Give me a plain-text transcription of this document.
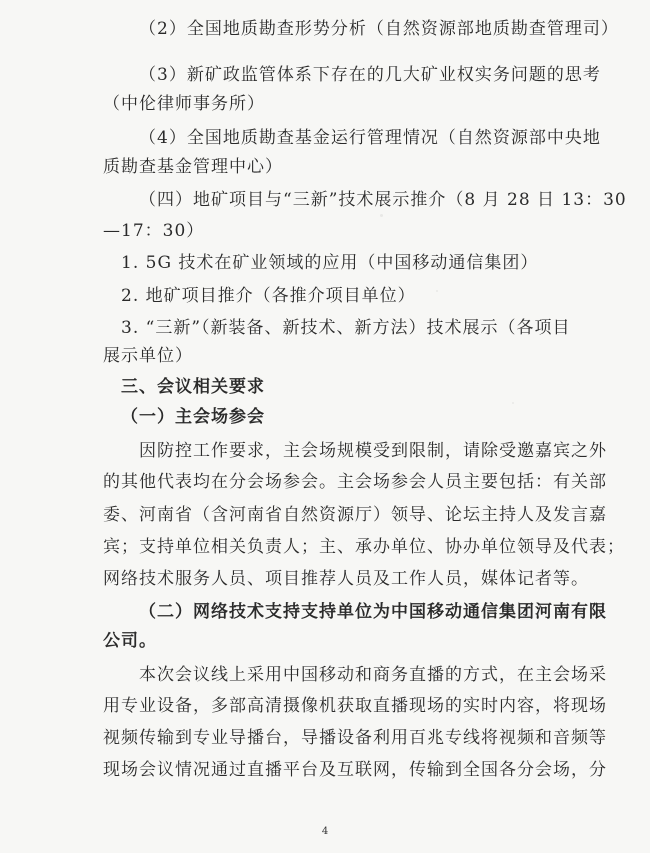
（2）全国地质勘查形势分析（自然资源部地质勘查管理司）
（3）新矿政监管体系下存在的几大矿业权实务问题的思考
（中伦律师事务所）
（4）全国地质勘查基金运行管理情况（自然资源部中央地
质勘查基金管理中心）
（四）地矿项目与“三新”技术展示推介（8 月 28 日 13：30
—17：30）
1. 5G 技术在矿业领域的应用（中国移动通信集团）
2. 地矿项目推介（各推介项目单位）
3. “三新”（新装备、新技术、新方法）技术展示（各项目
展示单位）
三、会议相关要求
（一）主会场参会
因防控工作要求，主会场规模受到限制，请除受邀嘉宾之外
的其他代表均在分会场参会。主会场参会人员主要包括：有关部
委、河南省（含河南省自然资源厅）领导、论坛主持人及发言嘉
宾；支持单位相关负责人；主、承办单位、协办单位领导及代表；
网络技术服务人员、项目推荐人员及工作人员，媒体记者等。
（二）网络技术支持支持单位为中国移动通信集团河南有限
公司。
本次会议线上采用中国移动和商务直播的方式，在主会场采
用专业设备，多部高清摄像机获取直播现场的实时内容，将现场
视频传输到专业导播台，导播设备利用百兆专线将视频和音频等
现场会议情况通过直播平台及互联网，传输到全国各分会场，分
4
